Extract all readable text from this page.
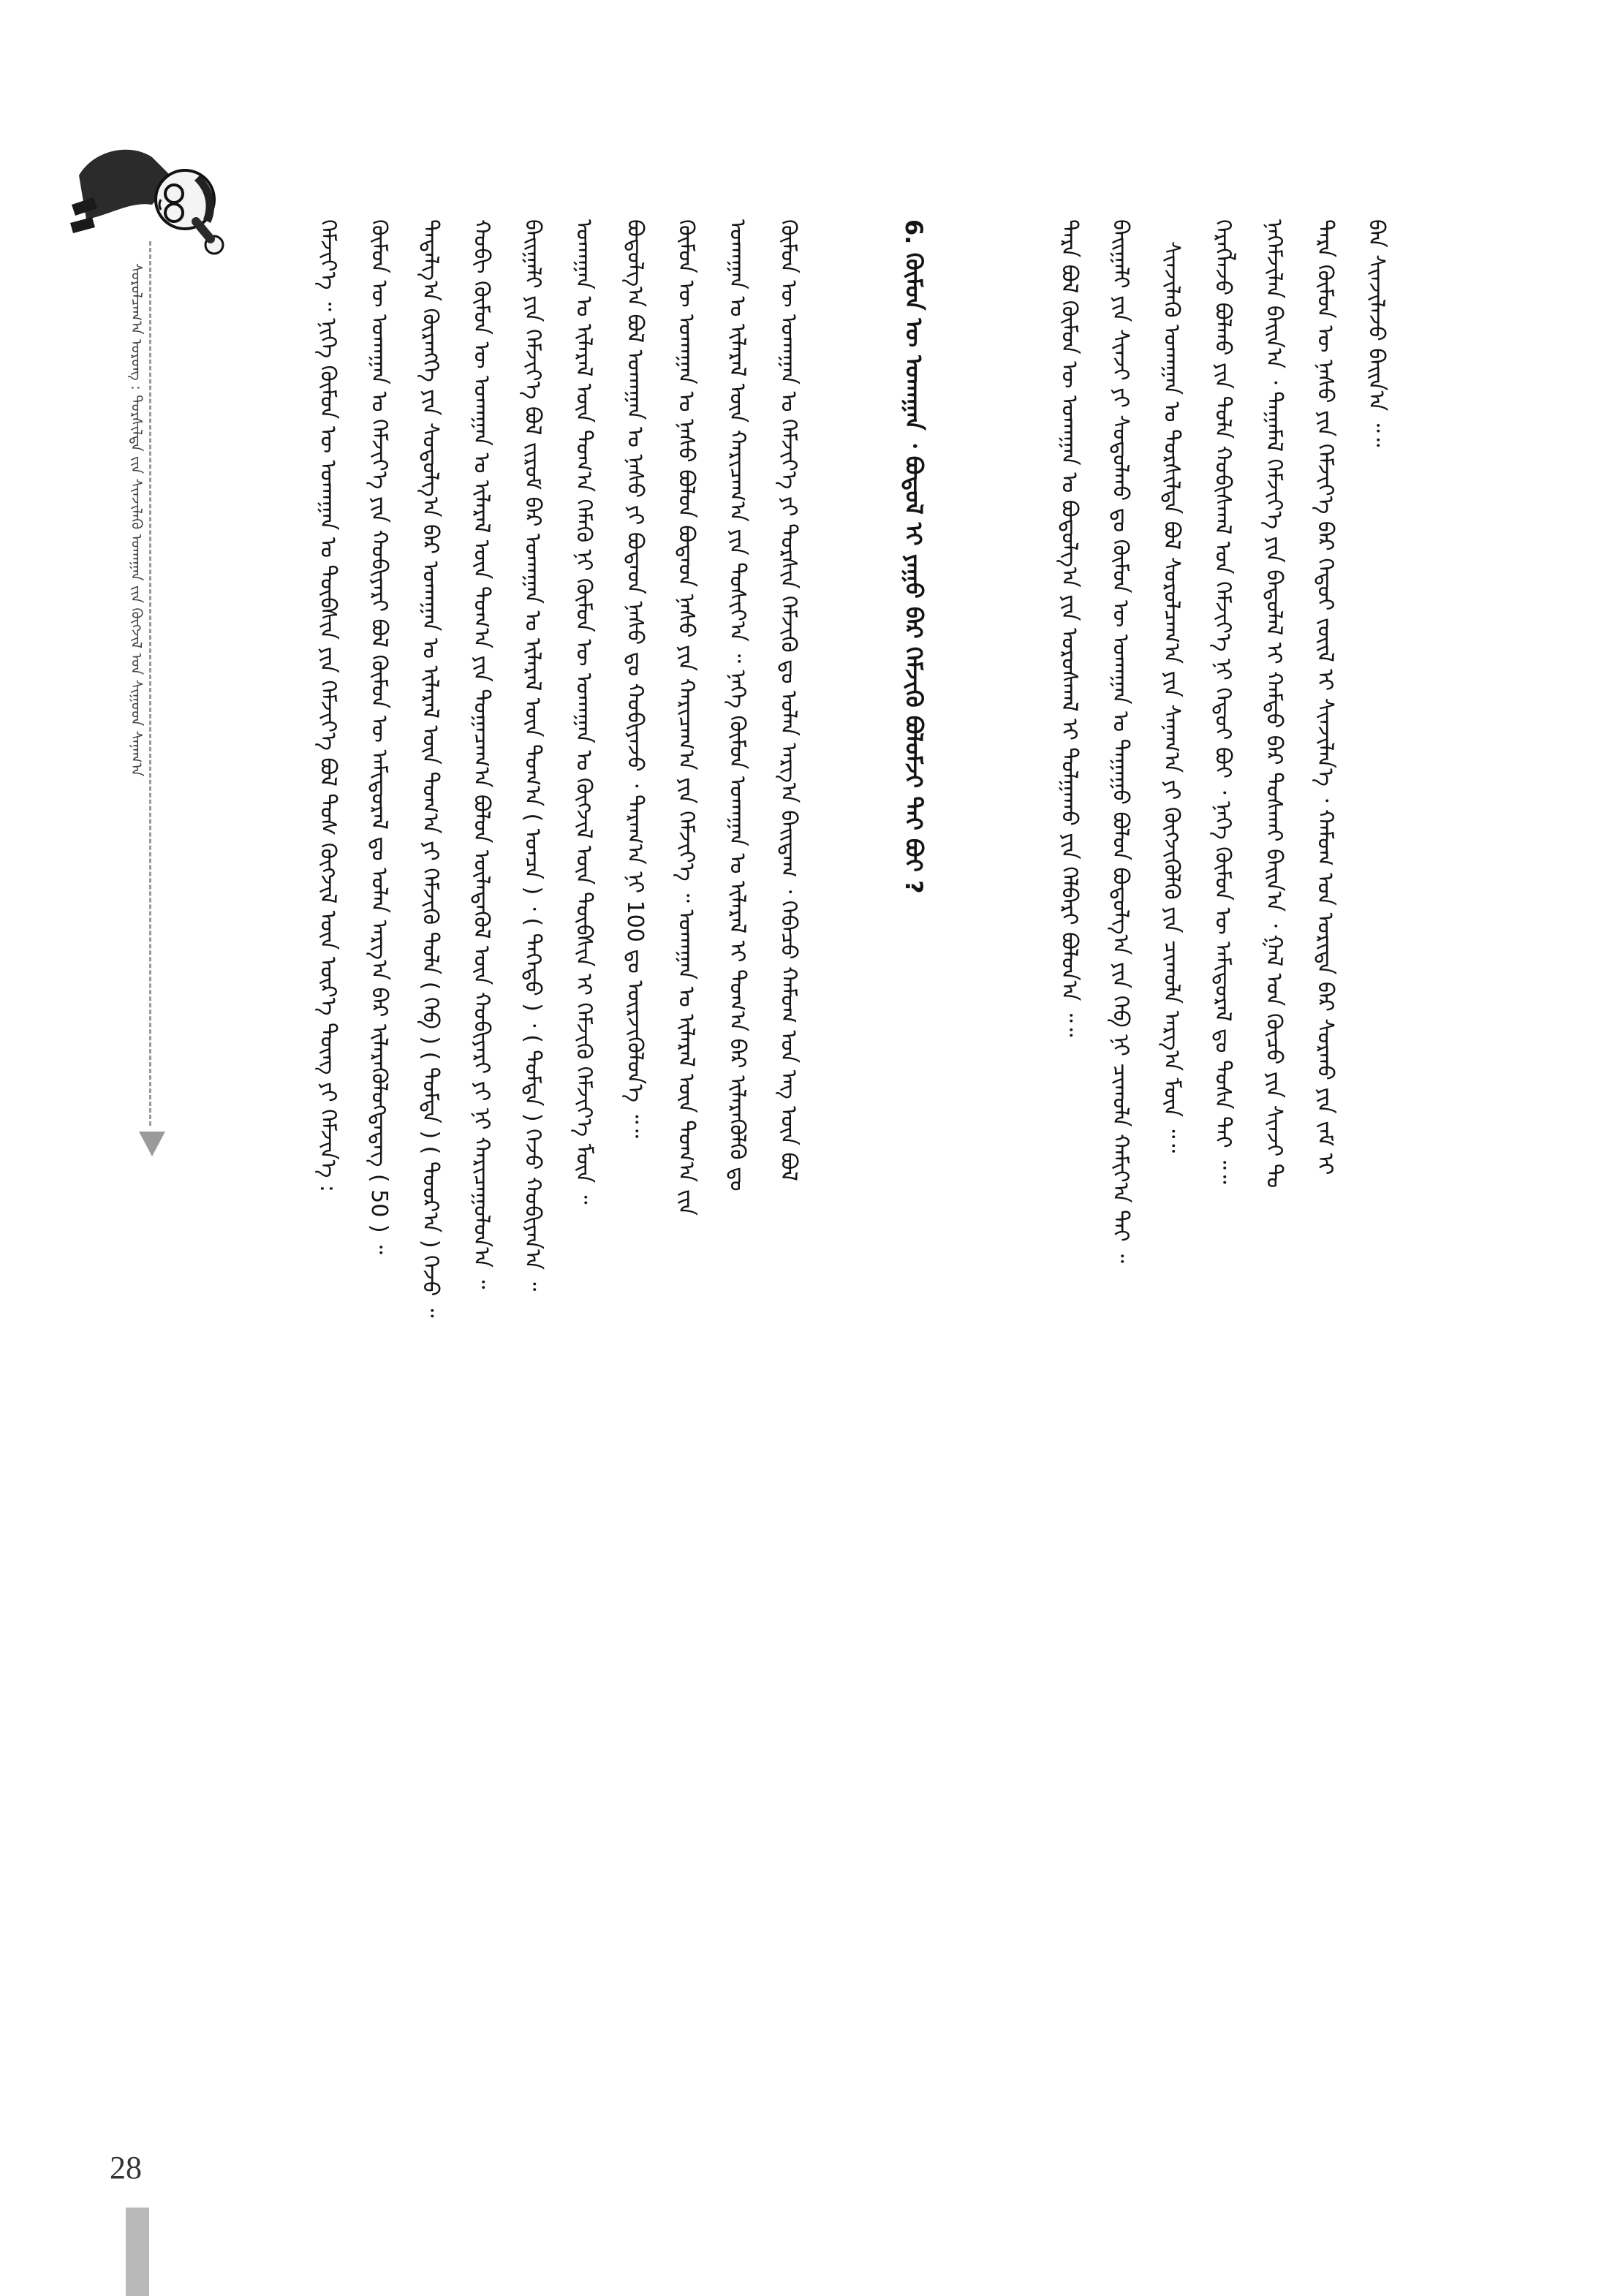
ᠰᠤᠷᠤᠯᠴᠠᠭ᠎ᠠ ᠤᠷᠤᠩ : ᠲᠤᠷᠰᠢᠯᠲᠠ ᠵᠢᠨ ᠰᠢᠨᠵᠢᠯᠡᠬᠦ ᠤᠬᠠᠭᠠᠨ ᠵᠢᠨ ᠬᠥᠭᠵᠢᠯ ᠤᠨ ᠰᠢᠭᠤᠳ ᠰᠠᠨᠠᠭ᠎ᠠ	ᠪᠡᠨ ᠰᠢᠨᠵᠢᠯᠡᠵᠦ ᠪᠠᠢᠨ᠎ᠠ ᠃᠃
ᠲᠡᠷᠡ ᠬᠦᠮᠦᠨ ᠦ ᠨᠠᠰᠤ ᠶᠢᠨ ᠬᠡᠮᠵᠢᠶ᠎ᠡ ᠪᠡᠷ ᠬᠡᠳᠦᠢ ᠵᠦᠢᠯ ᠢ ᠰᠢᠨᠵᠢᠯᠡᠨ᠎ᠡ ᠂ ᠬᠠᠮᠤᠭ ᠤᠨ ᠤᠷᠢᠳᠠ ᠪᠠᠷ ᠰᠤᠷᠬᠤ ᠶᠢᠨ ᠵᠠᠮ ᠢ
ᠨᠡᠬᠡᠮᠵᠢᠯᠡᠨ ᠪᠠᠢᠨ᠎ᠠ ᠂ ᠲᠠᠭᠠᠮᠠᠯ ᠬᠡᠮᠵᠢᠶ᠎ᠡ ᠶᠢᠨ ᠪᠠᠲᠤᠯᠠᠯ ᠢ ᠬᠠᠮᠲᠤ ᠪᠠᠷ ᠲᠤᠰᠬᠠᠢ ᠪᠠᠢᠨ᠎ᠠ ᠂ ᠭᠠᠯ ᠤᠨ ᠬᠦᠴᠦ ᠶᠢᠨ ᠰᠢᠨᠵᠢ ᠲᠤ
ᠬᠡᠷᠡᠭᠯᠡᠵᠦ ᠪᠣᠯᠬᠤ ᠶᠢᠨ ᠲᠤᠯᠠ ᠬᠤᠪᠢᠰᠬᠠᠯ ᠤᠨ ᠬᠡᠮᠵᠢᠶ᠎ᠡ ᠨᠢ ᠬᠡᠳᠦᠢ ᠪᠤᠢ ᠂ ᠨᠡᠭᠡ ᠬᠦᠮᠦᠨ ᠦ ᠠᠮᠢᠳᠤᠷᠠᠯ ᠳᠤ ᠲᠤᠰᠠ ᠲᠠᠢ ᠃᠃
ᠰᠢᠨᠵᠢᠯᠡᠬᠦ ᠤᠬᠠᠭᠠᠨ ᠤ ᠲᠤᠷᠰᠢᠯᠲᠠ ᠪᠣᠯ ᠰᠤᠷᠤᠯᠴᠠᠭ᠎ᠠ ᠶᠢᠨ ᠰᠠᠨᠠᠭ᠎ᠠ ᠶᠢ ᠬᠥᠭᠵᠢᠭᠦᠯᠬᠦ ᠶᠢᠨ ᠴᠢᠬᠤᠯᠠ ᠠᠷᠭ᠎ᠠ ᠮᠥᠨ ᠃᠃
ᠪᠠᠢᠭᠠᠯᠢ ᠶᠢᠨ ᠰᠢᠨᠵᠢ ᠶᠢ ᠰᠤᠳᠤᠯᠬᠤ ᠳᠤ ᠬᠦᠮᠦᠨ ᠦ ᠤᠬᠠᠭᠠᠨ ᠤ ᠳᠠᠭᠠᠭᠤ ᠪᠣᠯᠤᠨ ᠪᠣᠳᠤᠯᠭ᠎ᠠ ᠶᠢᠨ ᠬᠡᠪ ᠨᠢ ᠴᠢᠬᠤᠯᠠ ᠬᠠᠮᠢᠶ᠎ᠠ ᠲᠠᠢ ᠃
ᠲᠡᠷᠡ ᠪᠣᠯ ᠬᠦᠮᠦᠨ ᠦ ᠤᠬᠠᠭᠠᠨ ᠤ ᠪᠣᠳᠤᠯᠭ᠎ᠠ ᠶᠢᠨ ᠤᠷᠤᠰᠬᠠᠯ ᠢ ᠲᠤᠯᠭᠠᠬᠤ ᠶᠢᠨ ᠬᠡᠯᠪᠡᠷᠢ ᠪᠣᠯᠤᠨ᠎ᠠ ᠃᠃
6. ᠬᠦᠮᠦᠨ ᠦ ᠤᠬᠠᠭᠠᠨ ᠂ ᠪᠣᠳᠤᠯ ᠢ ᠶᠠᠭᠤ ᠪᠡᠷ ᠬᠡᠮᠵᠢᠬᠦ ᠪᠣᠯᠣᠮᠵᠢ ᠲᠠᠢ ᠪᠤᠢ ?
ᠬᠦᠮᠦᠨ ᠦ ᠤᠬᠠᠭᠠᠨ ᠤ ᠬᠡᠮᠵᠢᠶ᠎ᠡ ᠶᠢ ᠲᠤᠷᠰᠢᠨ ᠬᠡᠮᠵᠢᠬᠦ ᠳᠤ ᠤᠯᠠᠨ ᠠᠷᠭ᠎ᠠ ᠪᠠᠢᠳᠠᠭ ᠂ ᠭᠡᠪᠡᠴᠦ ᠬᠠᠮᠤᠭ ᠤᠨ ᠡᠩ ᠦᠨ ᠪᠣᠯ
ᠤᠬᠠᠭᠠᠨ ᠤ ᠢᠯᠡᠷᠡᠯ ᠦᠨ ᠬᠠᠷᠢᠴᠠᠭ᠎ᠠ ᠶᠢᠨ ᠲᠤᠰᠢᠶ᠎ᠠ ᠃ ᠨᠡᠭᠡ ᠬᠦᠮᠦᠨ ᠤᠬᠠᠭᠠᠨ ᠤ ᠢᠯᠡᠷᠡᠯ ᠢ ᠲᠣᠭ᠎ᠠ ᠪᠠᠷ ᠢᠯᠡᠷᠡᠭᠦᠯᠬᠦ ᠳᠤ
ᠬᠦᠮᠦᠨ ᠦ ᠤᠬᠠᠭᠠᠨ ᠤ ᠨᠠᠰᠤ ᠪᠣᠯᠤᠨ ᠪᠤᠳᠠᠳ ᠨᠠᠰᠤ ᠶᠢᠨ ᠬᠠᠷᠢᠴᠠᠭ᠎ᠠ ᠶᠢᠨ ᠬᠡᠮᠵᠢᠶ᠎ᠡ ᠃ ᠤᠬᠠᠭᠠᠨ ᠤ ᠢᠯᠡᠷᠡᠯ ᠦᠨ ᠲᠣᠭ᠎ᠠ ᠵᠢᠨ
ᠪᠣᠳᠣᠯᠭ᠎ᠠ ᠪᠣᠯ ᠤᠬᠠᠭᠠᠨ ᠤ ᠨᠠᠰᠤ ᠶᠢ ᠪᠤᠳᠠᠳ ᠨᠠᠰᠤ ᠳᠤ ᠬᠤᠪᠢᠶᠠᠵᠤ ᠂ ᠳᠠᠷᠠᠭ᠎ᠠ ᠨᠢ 100 ᠳᠤ ᠦᠷᠵᠢᠭᠦᠯᠦᠨ᠎ᠡ ᠃᠃
ᠤᠬᠠᠭᠠᠨ ᠤ ᠢᠯᠡᠷᠡᠯ ᠦᠨ ᠲᠣᠭ᠎ᠠ ᠬᠡᠮᠡᠬᠦ ᠨᠢ ᠬᠦᠮᠦᠨ ᠦ ᠤᠬᠠᠭᠠᠨ ᠤ ᠬᠥᠭᠵᠢᠯ ᠦᠨ ᠲᠦᠪᠰᠢᠨ ᠢ ᠬᠡᠮᠵᠢᠬᠦ ᠬᠡᠮᠵᠢᠶ᠎ᠡ ᠮᠥᠨ ᠃
ᠪᠠᠢᠭᠠᠯᠢ ᠶᠢᠨ ᠬᠡᠮᠵᠢᠶ᠎ᠡ ᠪᠣᠯ ᠵᠢᠷᠤᠮ ᠪᠠᠷ ᠤᠬᠠᠭᠠᠨ ᠤ ᠢᠯᠡᠷᠡᠯ ᠦᠨ ᠲᠣᠭ᠎ᠠ ( ᠣᠨᠴᠠ ) ᠂ ( ᠳᠡᠭᠡᠳᠦ ) ᠂ ( ᠳᠤᠮᠳᠠ ) ᠭᠡᠵᠦ ᠬᠤᠪᠢᠶᠠᠨ᠎ᠠ ᠃
ᠬᠤᠪᠢ ᠬᠦᠮᠦᠨ ᠦ ᠤᠬᠠᠭᠠᠨ ᠤ ᠢᠯᠡᠷᠡᠯ ᠦᠨ ᠲᠣᠭ᠎ᠠ ᠶᠢᠨ ᠲᠤᠭᠠᠴᠠᠭ᠎ᠠ ᠪᠣᠯᠤᠨ ᠦᠯᠡᠳᠡᠭᠦᠯ ᠦᠨ ᠬᠤᠪᠢᠶᠠᠷᠢ ᠶᠢ ᠨᠢ ᠬᠠᠷᠢᠴᠠᠭᠤᠯᠤᠨ᠎ᠠ ᠃
ᠲᠠᠲᠠᠯᠭ᠎ᠠ ᠬᠥᠷᠡᠩᠭᠡ ᠶᠢᠨ ᠰᠤᠳᠤᠯᠭ᠎ᠠ ᠪᠡᠷ ᠤᠬᠠᠭᠠᠨ ᠤ ᠢᠯᠡᠷᠡᠯ ᠦᠨ ᠲᠣᠭ᠎ᠠ ᠶᠢ ᠬᠡᠮᠵᠢᠬᠦ ᠲᠤᠯᠠ ( ᠬᠡᠪ ) ( ᠳᠤᠮᠳᠠ ) ( ᠳᠣᠣᠷ᠎ᠠ ) ᠭᠡᠵᠦ ᠃
ᠬᠦᠮᠦᠨ ᠦ ᠤᠬᠠᠭᠠᠨ ᠤ ᠬᠡᠮᠵᠢᠶ᠎ᠡ ᠶᠢᠨ ᠬᠤᠪᠢᠶᠠᠷᠢ ᠪᠣᠯ ᠬᠦᠮᠦᠨ ᠦ ᠠᠮᠢᠳᠤᠷᠠᠯ ᠳᠤ ᠤᠯᠠᠨ ᠠᠷᠭ᠎ᠠ ᠪᠡᠷ ᠢᠯᠡᠷᠡᠭᠦᠯᠦᠭᠳᠡᠳᠡᠭ ( 50 ) ᠃
ᠬᠡᠮᠵᠢᠶ᠎ᠡ ᠃ ᠨᠢᠭᠡ ᠬᠦᠮᠦᠨ ᠦ ᠤᠬᠠᠭᠠᠨ ᠤ ᠲᠦᠪᠰᠢᠨ ᠶᠢᠨ ᠬᠡᠮᠵᠢᠶ᠎ᠡ ᠪᠣᠯ ᠲᠤᠰ ᠬᠥᠭᠵᠢᠯ ᠦᠨ ᠦᠷ᠎ᠡ ᠳᠦᠩ ᠶᠢ ᠬᠡᠮᠵᠢᠨ᠎ᠡ :
28
